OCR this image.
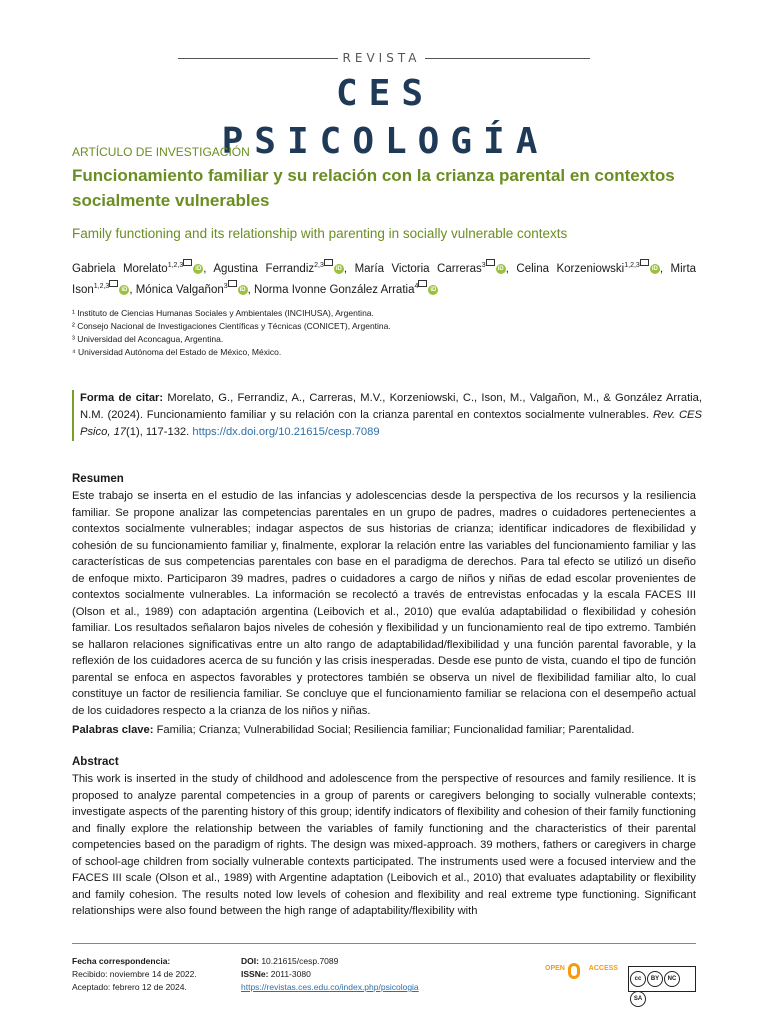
REVISTA
CES PSICOLOGÍA
ARTÍCULO DE INVESTIGACIÓN
Funcionamiento familiar y su relación con la crianza parental en contextos socialmente vulnerables
Family functioning and its relationship with parenting in socially vulnerable contexts
Gabriela Morelato$^{1,2,3}$ iD , Agustina Ferrandiz$^{2,3}$ iD , María Victoria Carreras$^3$ iD , Celina Korzeniowski$^{1,2,3}$ iD , Mirta Ison$^{1,2,3}$ iD , Mónica Valgañon$^3$ iD , Norma Ivonne González Arratia$^4$ iD
¹ Instituto de Ciencias Humanas Sociales y Ambientales (INCIHUSA), Argentina.
² Consejo Nacional de Investigaciones Científicas y Técnicas (CONICET), Argentina.
³ Universidad del Aconcagua, Argentina.
⁴ Universidad Autónoma del Estado de México, México.
Forma de citar: Morelato, G., Ferrandiz, A., Carreras, M.V., Korzeniowski, C., Ison, M., Valgañon, M., & González Arratia, N.M. (2024). Funcionamiento familiar y su relación con la crianza parental en contextos socialmente vulnerables. Rev. CES Psico, 17(1), 117-132. https://dx.doi.org/10.21615/cesp.7089
Resumen
Este trabajo se inserta en el estudio de las infancias y adolescencias desde la perspectiva de los recursos y la resiliencia familiar. Se propone analizar las competencias parentales en un grupo de padres, madres o cuidadores pertenecientes a contextos socialmente vulnerables; indagar aspectos de sus historias de crianza; identificar indicadores de flexibilidad y cohesión de su funcionamiento familiar y, finalmente, explorar la relación entre las variables del funcionamiento familiar y las características de sus competencias parentales con base en el paradigma de derechos. Para tal efecto se utilizó un diseño de enfoque mixto. Participaron 39 madres, padres o cuidadores a cargo de niños y niñas de edad escolar provenientes de contextos socialmente vulnerables. La información se recolectó a través de entrevistas enfocadas y la escala FACES III (Olson et al., 1989) con adaptación argentina (Leibovich et al., 2010) que evalúa adaptabilidad o flexibilidad y cohesión familiar. Los resultados señalaron bajos niveles de cohesión y flexibilidad y un funcionamiento real de tipo extremo. También se hallaron relaciones significativas entre un alto rango de adaptabilidad/flexibilidad y una función parental favorable, y la reflexión de los cuidadores acerca de su función y las crisis inesperadas. Desde ese punto de vista, cuando el tipo de función parental se enfoca en aspectos favorables y protectores también se observa un nivel de flexibilidad familiar alto, lo cual constituye un factor de resiliencia familiar. Se concluye que el funcionamiento familiar se relaciona con el desempeño actual de los cuidadores respecto a la crianza de los niños y niñas.
Palabras clave: Familia; Crianza; Vulnerabilidad Social; Resiliencia familiar; Funcionalidad familiar; Parentalidad.
Abstract
This work is inserted in the study of childhood and adolescence from the perspective of resources and family resilience. It is proposed to analyze parental competencies in a group of parents or caregivers belonging to socially vulnerable contexts; investigate aspects of the parenting history of this group; identify indicators of flexibility and cohesion of their family functioning and finally explore the relationship between the variables of family functioning and the characteristics of their parental competencies based on the paradigm of rights. The design was mixed-approach. 39 mothers, fathers or caregivers in charge of school-age children from socially vulnerable contexts participated. The instruments used were a focused interview and the FACES III scale (Olson et al., 1989) with Argentine adaptation (Leibovich et al., 2010) that evaluates adaptability or flexibility and family cohesion. The results noted low levels of cohesion and flexibility and real extreme type functioning. Significant relationships were also found between the high range of adaptability/flexibility with
Fecha correspondencia:
Recibido: noviembre 14 de 2022.
Aceptado: febrero 12 de 2024.
DOI: 10.21615/cesp.7089
ISSNe: 2011-3080
https://revistas.ces.edu.co/index.php/psicologia
OPEN	ACCESS
cc BY NCSA
